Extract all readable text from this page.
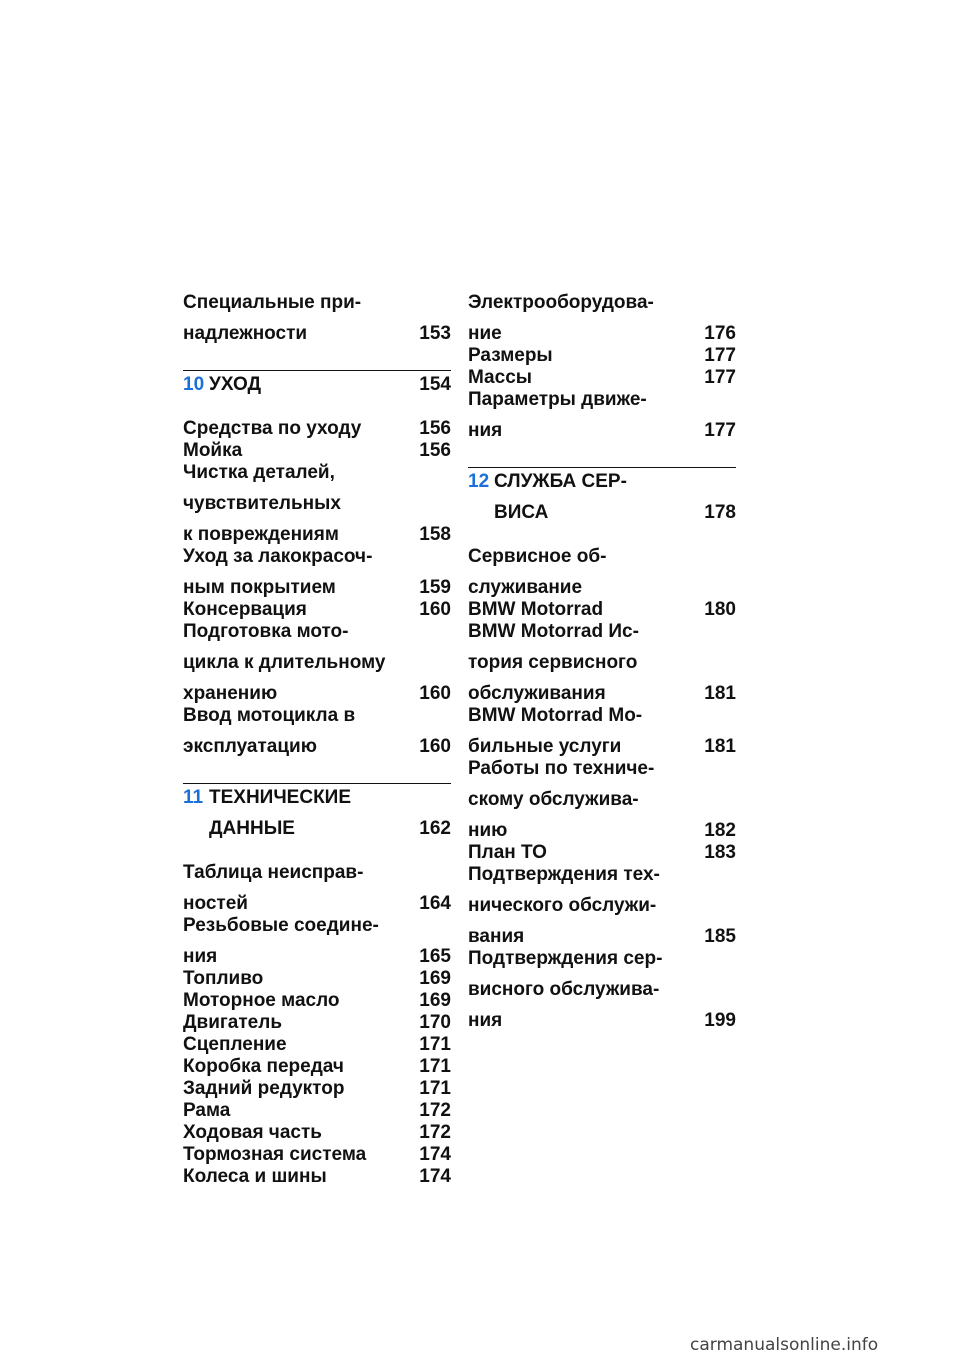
Специальные при-
надлежности	153
10 УХОД	154
Средства по уходу	156
Мойка	156
Чистка деталей,
чувствительных
к повреждениям	158
Уход за лакокрасоч-
ным покрытием	159
Консервация	160
Подготовка мото-
цикла к длительному
хранению	160
Ввод мотоцикла в
эксплуатацию	160
11 ТЕХНИЧЕСКИЕ
ДАННЫЕ	162
Таблица неисправ-
ностей	164
Резьбовые соедине-
ния	165
Топливо	169
Моторное масло	169
Двигатель	170
Сцепление	171
Коробка передач	171
Задний редуктор	171
Рама	172
Ходовая часть	172
Тормозная система	174
Колеса и шины	174
Электрооборудова-
ние	176
Размеры	177
Массы	177
Параметры движе-
ния	177
12 СЛУЖБА СЕР-
ВИСА	178
Сервисное об-
служивание
BMW Motorrad	180
BMW Motorrad Ис-
тория сервисного
обслуживания	181
BMW Motorrad Мо-
бильные услуги	181
Работы по техниче-
скому обслужива-
нию	182
План ТО	183
Подтверждения тех-
нического обслужи-
вания	185
Подтверждения сер-
висного обслужива-
ния	199
carmanualsonline.info
